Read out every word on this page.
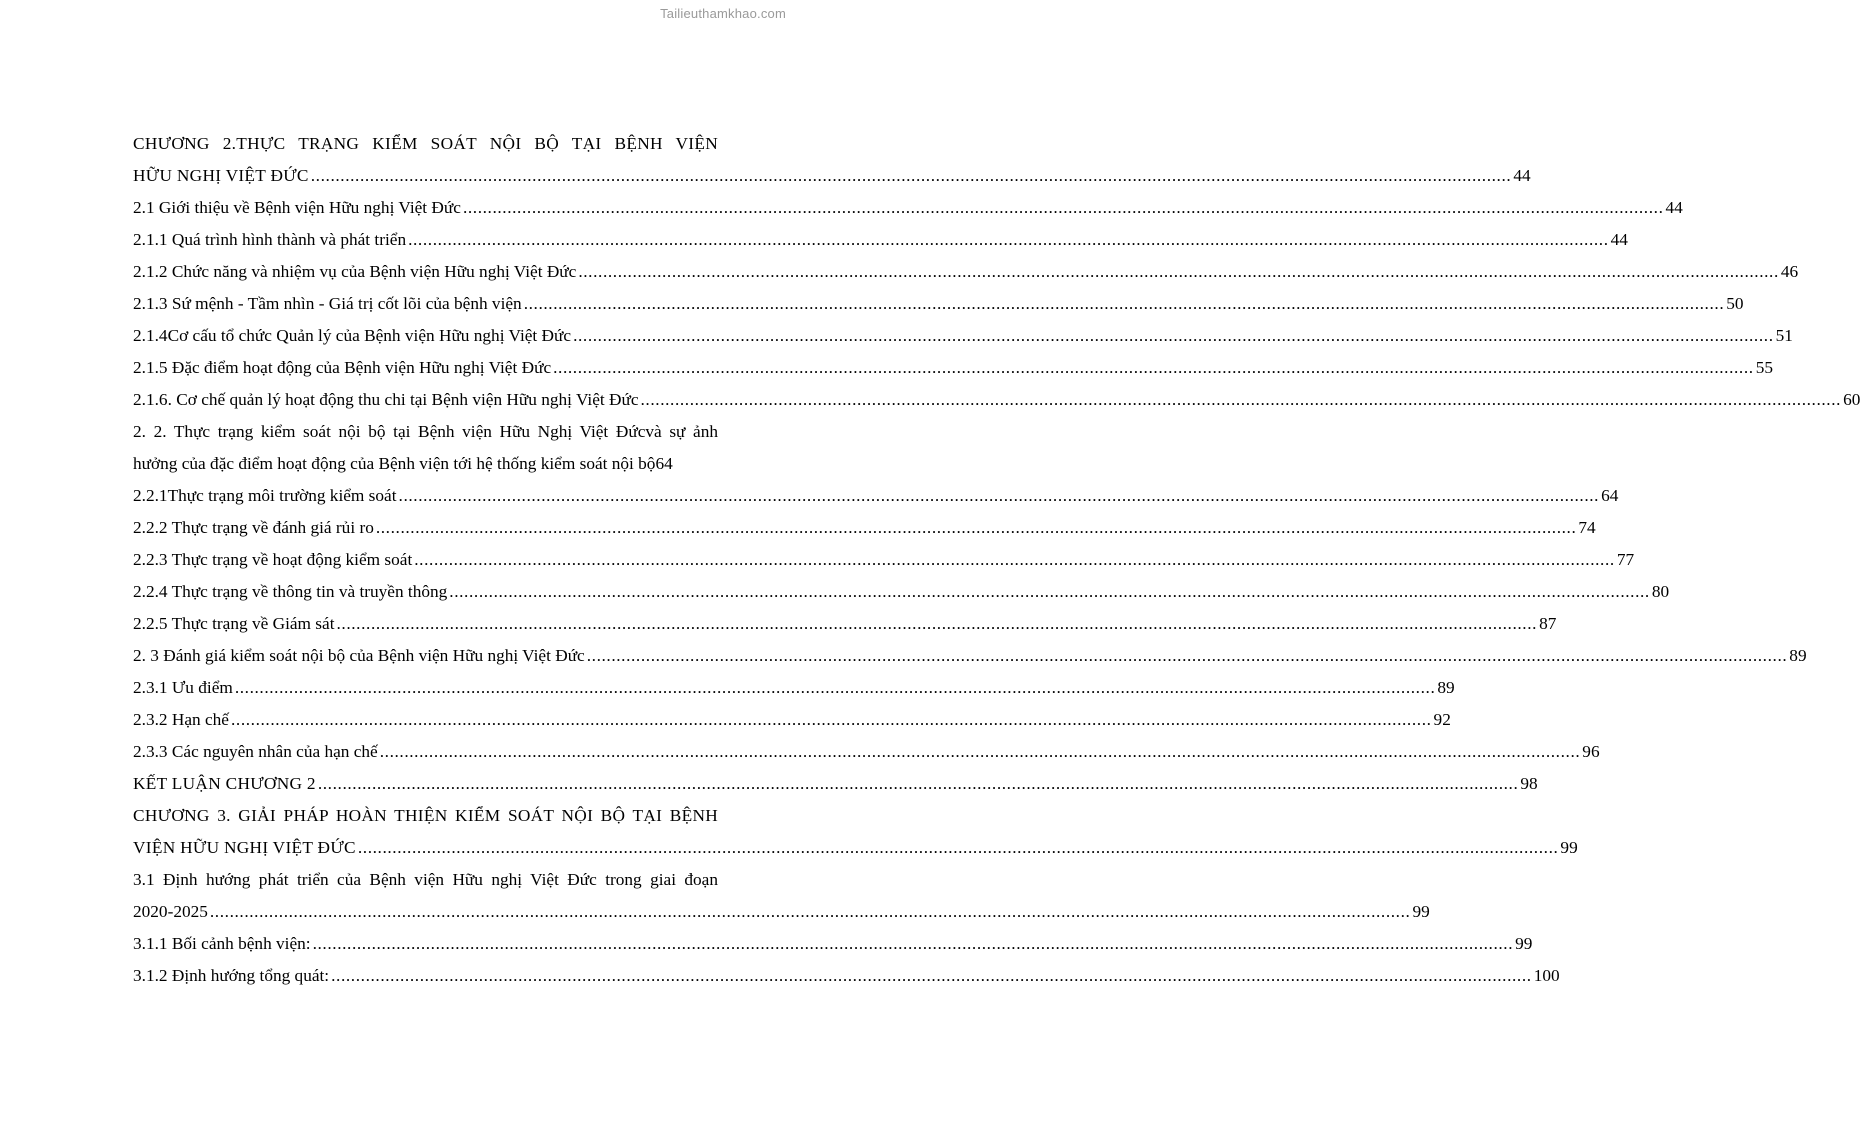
Tailieuthamkhao.com
CHƯƠNG 2.THỰC TRẠNG KIỂM SOÁT NỘI BỘ TẠI BỆNH VIỆN
HỮU NGHỊ VIỆT ĐỨC .....	44
2.1 Giới thiệu về Bệnh viện Hữu nghị Việt Đức .....	44
2.1.1 Quá trình hình thành và phát triển .....	44
2.1.2 Chức năng và nhiệm vụ của Bệnh viện Hữu nghị Việt Đức .....	46
2.1.3 Sứ mệnh - Tầm nhìn - Giá trị cốt lõi của bệnh viện .....	50
2.1.4Cơ cấu tổ chức Quản lý của Bệnh viện Hữu nghị Việt Đức .....	51
2.1.5 Đặc điểm hoạt động của Bệnh viện Hữu nghị Việt Đức .....	55
2.1.6. Cơ chế quản lý hoạt động thu chi tại Bệnh viện Hữu nghị Việt Đức .....	60
2. 2. Thực trạng kiểm soát nội bộ tại Bệnh viện Hữu Nghị Việt Đứcvà sự ảnh
hưởng của đặc điểm hoạt động của Bệnh viện tới hệ thống kiểm soát nội bộ 64
2.2.1Thực trạng môi trường kiểm soát .....	64
2.2.2 Thực trạng về đánh giá rủi ro .....	74
2.2.3 Thực trạng về hoạt động kiểm soát .....	77
2.2.4 Thực trạng về thông tin và truyền thông .....	80
2.2.5 Thực trạng về Giám sát .....	87
2. 3 Đánh giá kiểm soát nội bộ của Bệnh viện Hữu nghị Việt Đức .....	89
2.3.1 Ưu điểm .....	89
2.3.2 Hạn chế .....	92
2.3.3 Các nguyên nhân của hạn chế .....	96
KẾT LUẬN CHƯƠNG 2 .....	98
CHƯƠNG 3. GIẢI PHÁP HOÀN THIỆN KIỂM SOÁT NỘI BỘ TẠI BỆNH
VIỆN HỮU NGHỊ VIỆT ĐỨC .....	99
3.1 Định hướng phát triển của Bệnh viện Hữu nghị Việt Đức trong giai đoạn
2020-2025 .....	99
3.1.1 Bối cảnh bệnh viện: .....	99
3.1.2 Định hướng tổng quát: .....	100
